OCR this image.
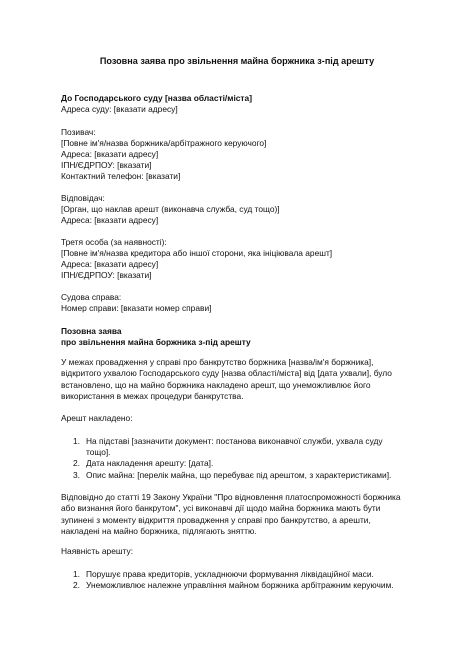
Позовна заява про звільнення майна боржника з-під арешту
До Господарського суду [назва області/міста]
Адреса суду: [вказати адресу]
Позивач:
[Повне ім'я/назва боржника/арбітражного керуючого]
Адреса: [вказати адресу]
ІПН/ЄДРПОУ: [вказати]
Контактний телефон: [вказати]
Відповідач:
[Орган, що наклав арешт (виконавча служба, суд тощо)]
Адреса: [вказати адресу]
Третя особа (за наявності):
[Повне ім'я/назва кредитора або іншої сторони, яка ініціювала арешт]
Адреса: [вказати адресу]
ІПН/ЄДРПОУ: [вказати]
Судова справа:
Номер справи: [вказати номер справи]
Позовна заява
про звільнення майна боржника з-під арешту
У межах провадження у справі про банкрутство боржника [назва/ім'я боржника],
відкритого ухвалою Господарського суду [назва області/міста] від [дата ухвали], було
встановлено, що на майно боржника накладено арешт, що унеможливлює його
використання в межах процедури банкрутства.
Арешт накладено:
1. На підставі [зазначити документ: постанова виконавчої служби, ухвала суду
тощо].
2. Дата накладення арешту: [дата].
3. Опис майна: [перелік майна, що перебуває під арештом, з характеристиками].
Відповідно до статті 19 Закону України "Про відновлення платоспроможності боржника
або визнання його банкрутом", усі виконавчі дії щодо майна боржника мають бути
зупинені з моменту відкриття провадження у справі про банкрутство, а арешти,
накладені на майно боржника, підлягають зняттю.
Наявність арешту:
1. Порушує права кредиторів, ускладнюючи формування ліквідаційної маси.
2. Унеможливлює належне управління майном боржника арбітражним керуючим.
